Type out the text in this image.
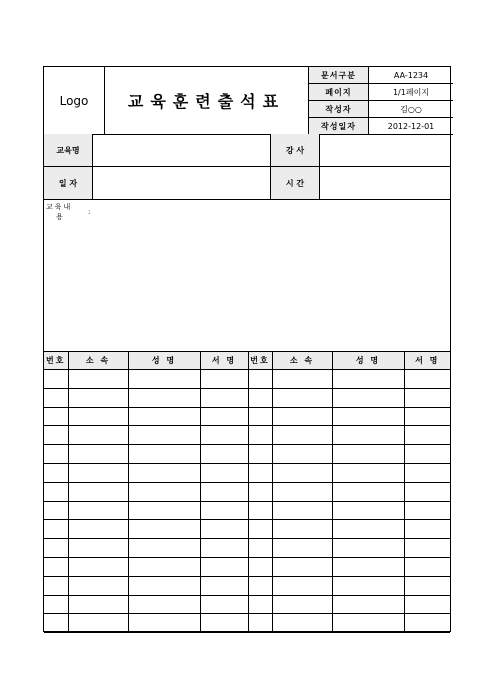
Logo	교육훈련출석표	문서구분	AA-1234
		페이지	1/1페이지
		작성자	김○○
		작성일자	2012-12-01
교육명		강 사	
일 자		시 간	
교육내
용
:
번호	소 속	성 명	서 명	번호	소 속	성 명	서 명
